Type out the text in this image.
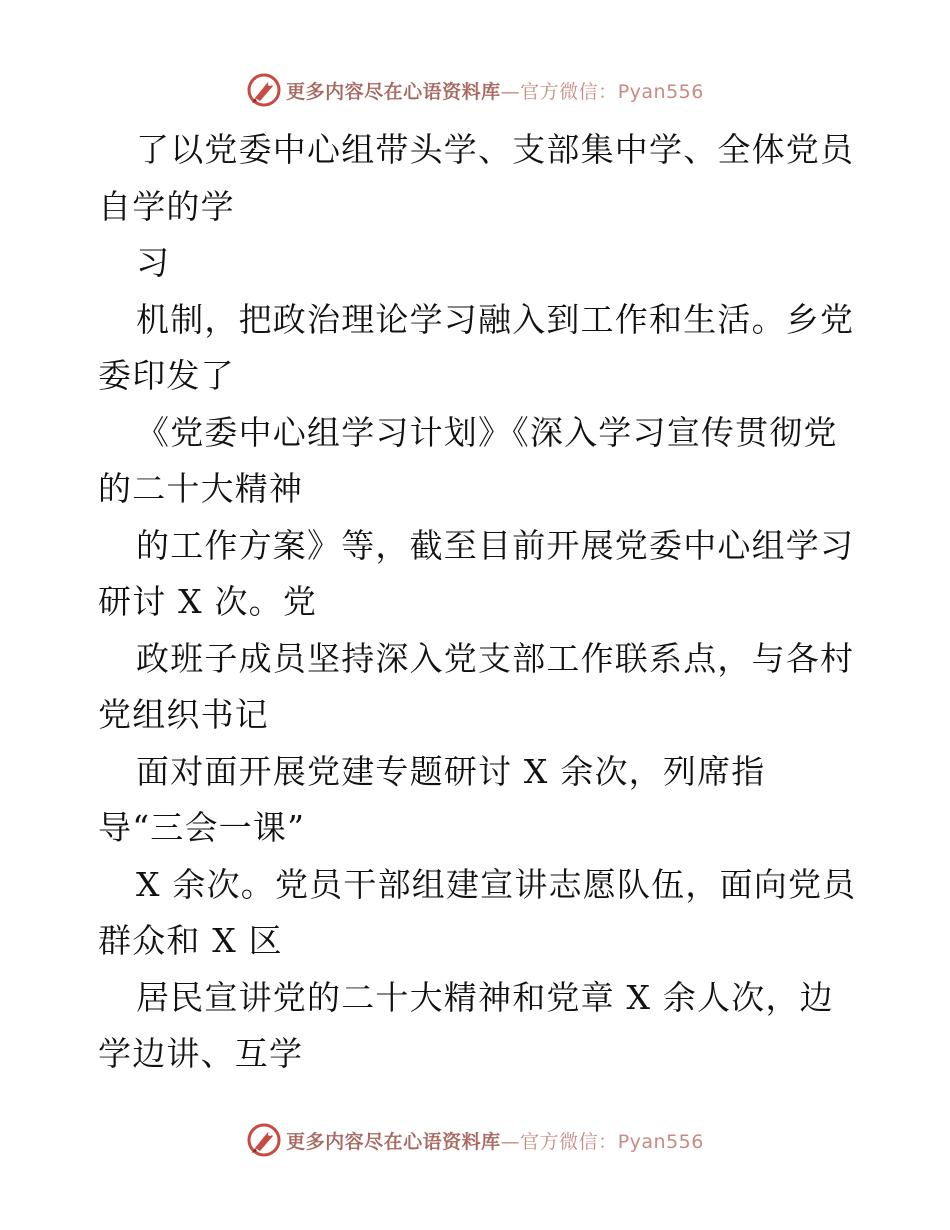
更多内容尽在心语资料库—官方微信：Pyan556
了以党委中心组带头学、支部集中学、全体党员
自学的学
习
机制，把政治理论学习融入到工作和生活。乡党
委印发了
《党委中心组学习计划》《深入学习宣传贯彻党
的二十大精神
的工作方案》等，截至目前开展党委中心组学习
研讨 X 次。党
政班子成员坚持深入党支部工作联系点，与各村
党组织书记
面对面开展党建专题研讨 X 余次，列席指
导“三会一课”
X 余次。党员干部组建宣讲志愿队伍，面向党员
群众和 X 区
居民宣讲党的二十大精神和党章 X 余人次，边
学边讲、互学
更多内容尽在心语资料库—官方微信：Pyan556
